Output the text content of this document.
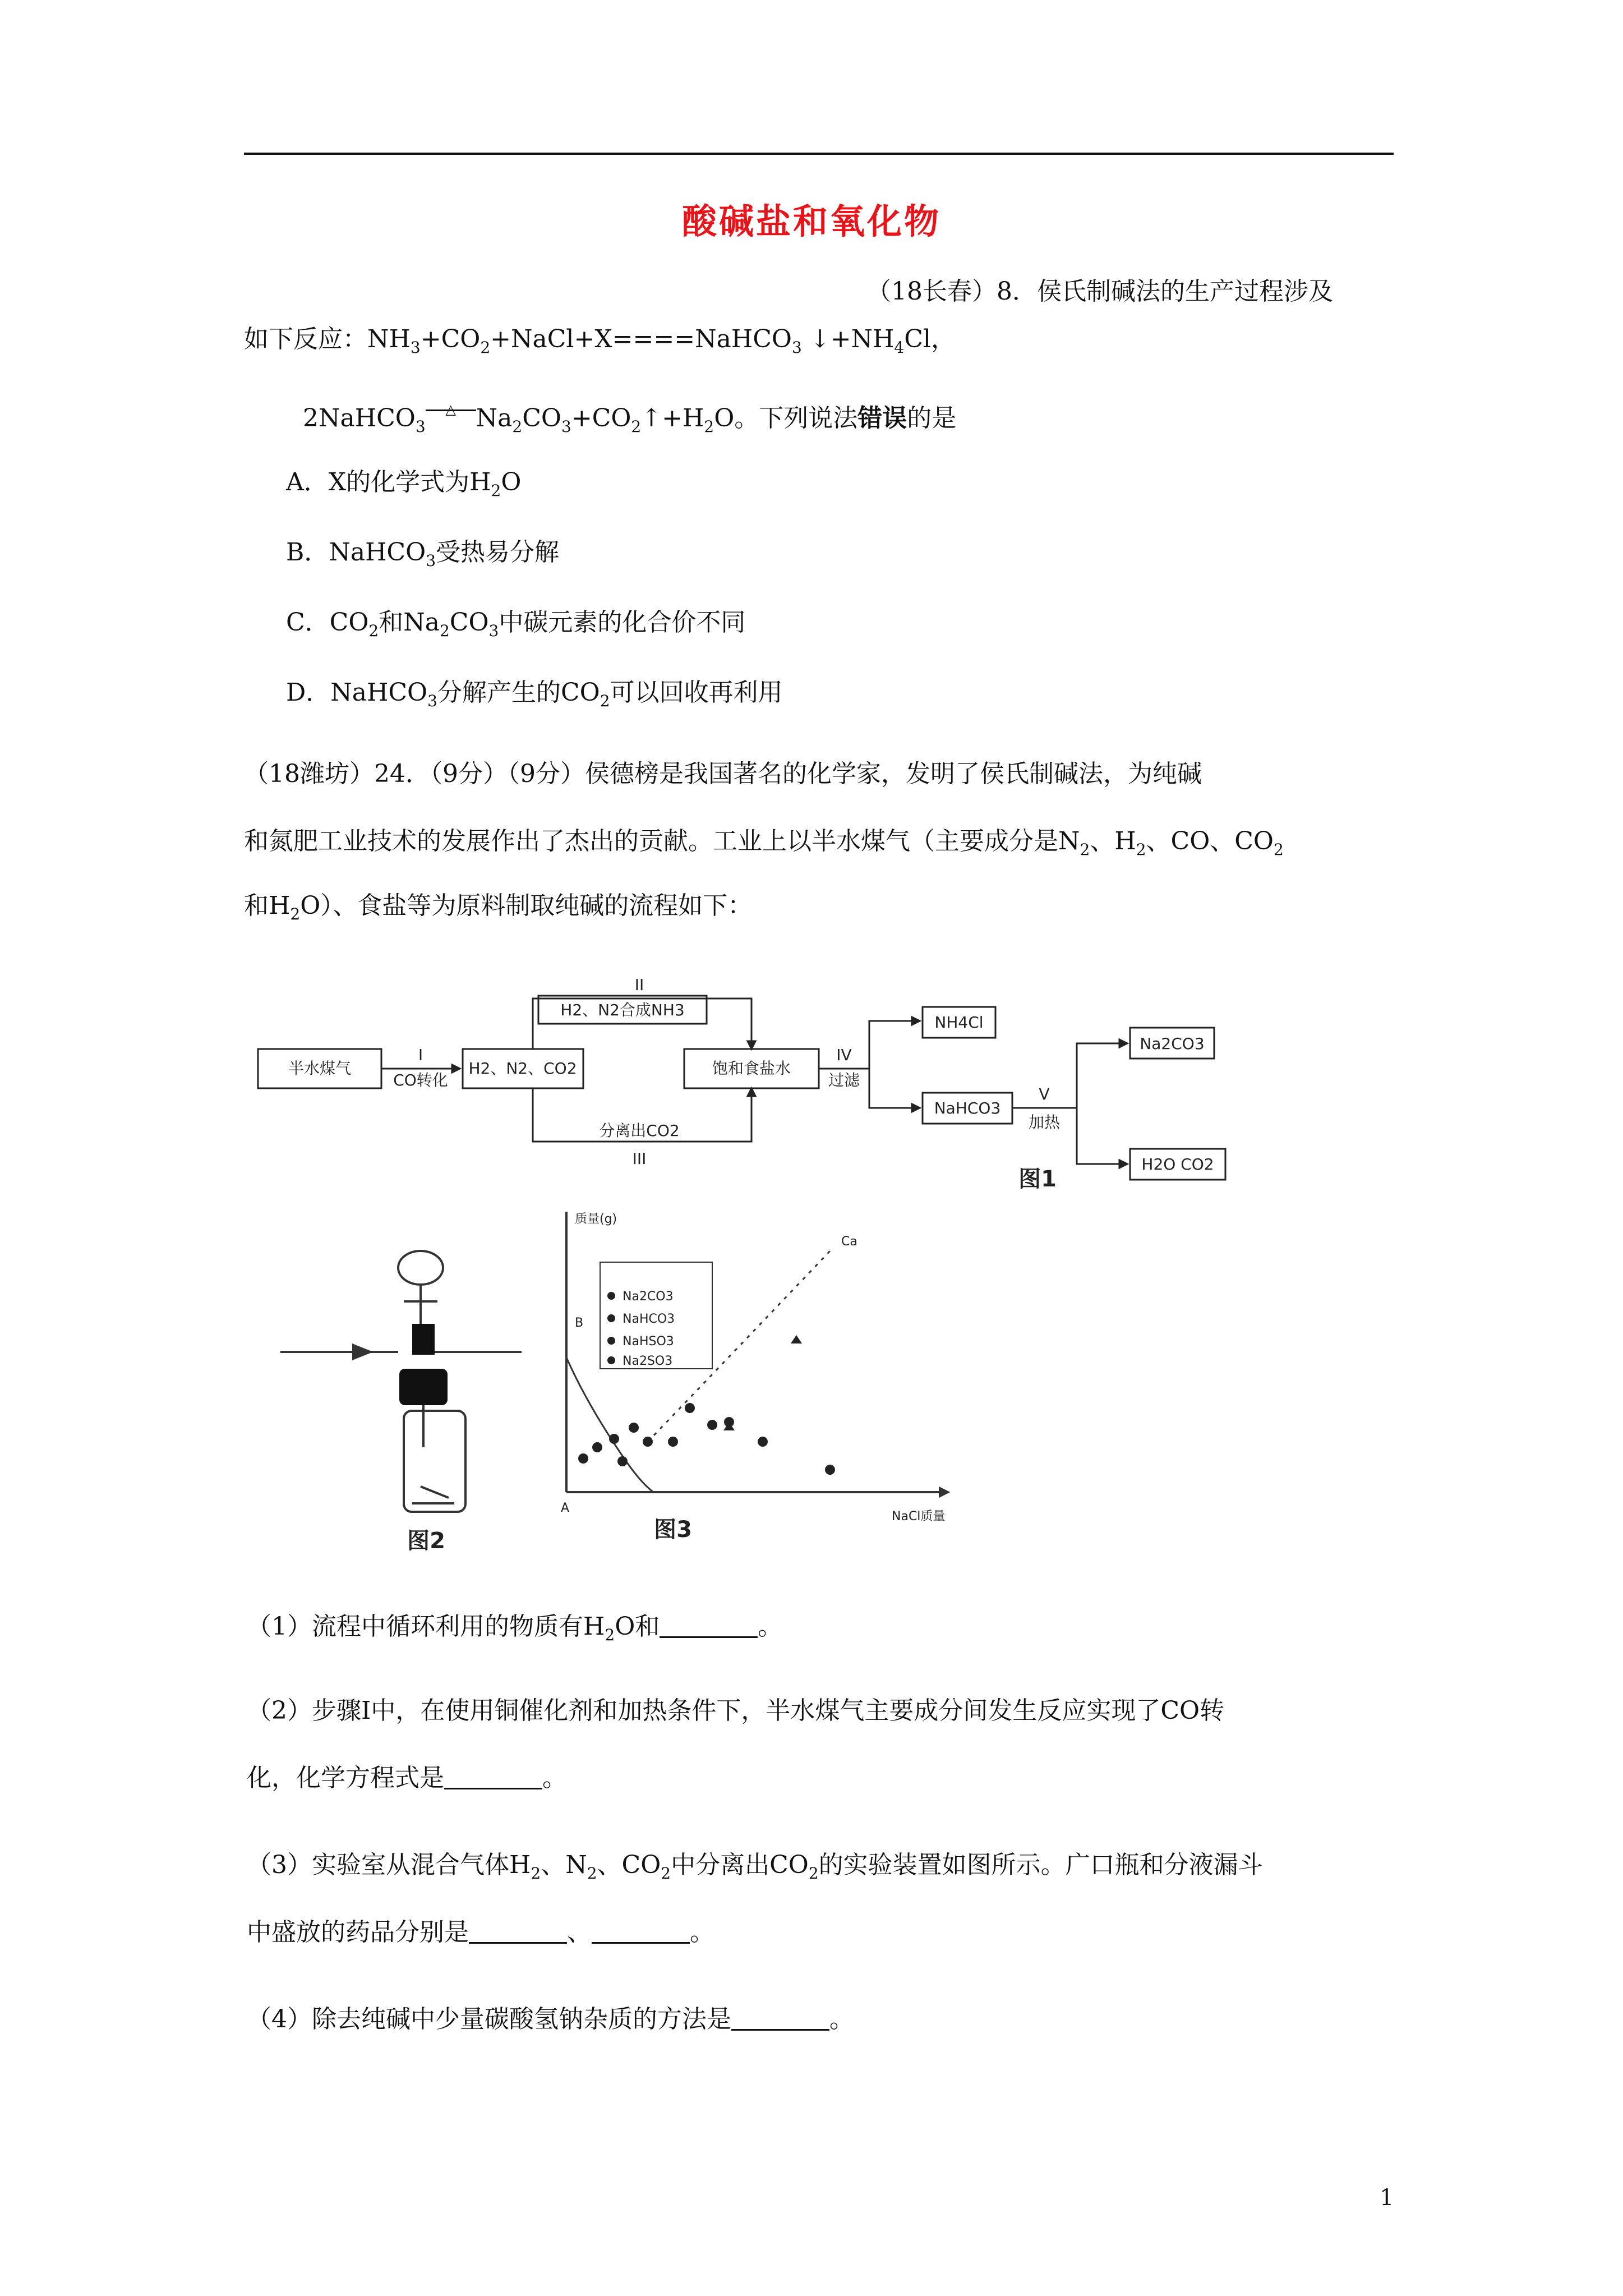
酸碱盐和氧化物
（18长春）8．侯氏制碱法的生产过程涉及
如下反应：$NH_3+CO_2+NaCl+X====NaHCO_3$ $↓+NH_4Cl$，
2NaHCO$_3$△ $Na_2CO_3+CO_2↑+H_2O$。下列说法错误的是
A．X的化学式为$H_2O$
B．NaHCO$_3$受热易分解
C．$CO_2$和$Na_2CO_3$中碳元素的化合价不同
D．NaHCO$_3$分解产生的$CO_2$可以回收再利用
（18潍坊）24．（9分）（9分）侯德榜是我国著名的化学家，发明了侯氏制碱法，为纯碱
和氮肥工业技术的发展作出了杰出的贡献。工业上以半水煤气（主要成分是$N_2$、$H_2$、CO、$CO_2$
和$H_2O$）、食盐等为原料制取纯碱的流程如下：
半水煤气
I
CO转化
H2、N2、CO2
II
H2、N2合成NH3
分离出CO2
III
饱和食盐水
IV
过滤
NH4Cl
NaHCO3
V
加热
Na2CO3
H2O CO2
图1
图2
质量(g)
NaCl质量
Na2CO3
NaHCO3
NaHSO3
Na2SO3
B
A
Ca
图3
（1）流程中循环利用的物质有$H_2O$和	。
（2）步骤Ⅰ中，在使用铜催化剂和加热条件下，半水煤气主要成分间发生反应实现了CO转
化，化学方程式是	。
（3）实验室从混合气体$H_2$、$N_2$、$CO_2$中分离出$CO_2$的实验装置如图所示。广口瓶和分液漏斗
中盛放的药品分别是	、	。
（4）除去纯碱中少量碳酸氢钠杂质的方法是	。
1
